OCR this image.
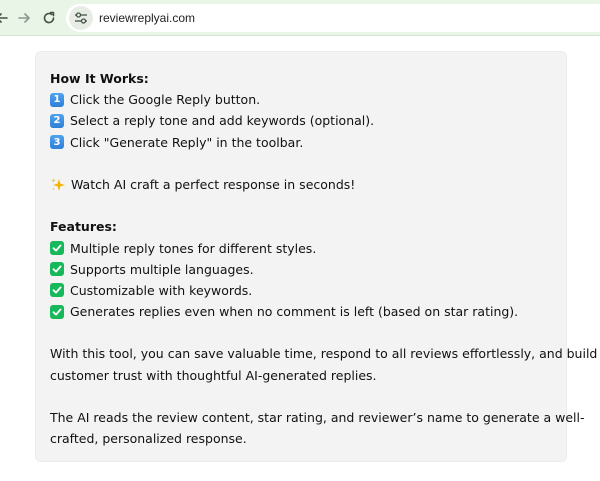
reviewreplyai.com
How It Works:
1 Click the Google Reply button.
2 Select a reply tone and add keywords (optional).
3 Click "Generate Reply" in the toolbar.
Watch AI craft a perfect response in seconds!
Features:
Multiple reply tones for different styles.
Supports multiple languages.
Customizable with keywords.
Generates replies even when no comment is left (based on star rating).
With this tool, you can save valuable time, respond to all reviews effortlessly, and build
customer trust with thoughtful AI-generated replies.
The AI reads the review content, star rating, and reviewer’s name to generate a well-
crafted, personalized response.
